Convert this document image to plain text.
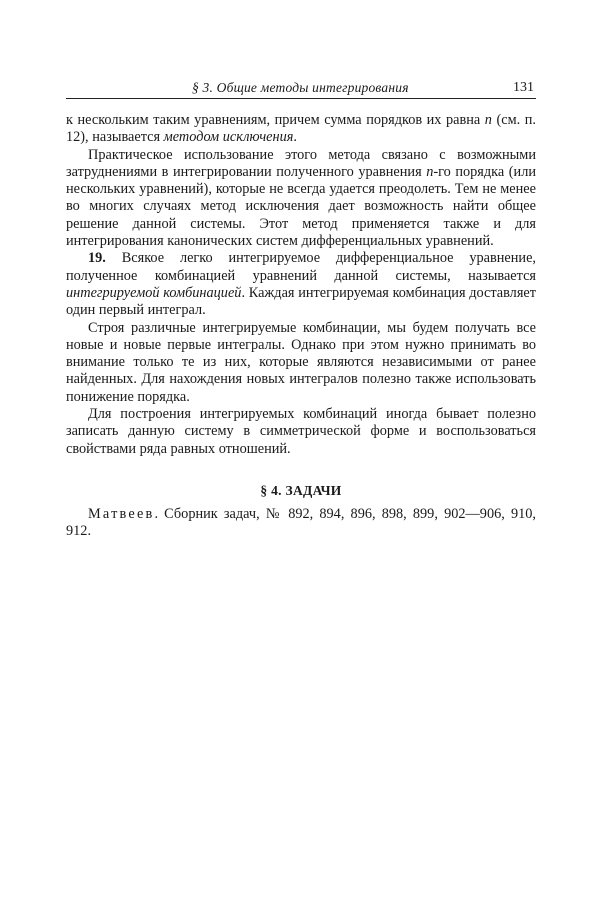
§ 3. Общие методы интегрирования	131

к нескольким таким уравнениям, причем сумма порядков их равна n (см. п. 12), называется методом исключения.

Практическое использование этого метода связано с возможными затруднениями в интегрировании полученного уравнения n-го порядка (или нескольких уравнений), которые не всегда удается преодолеть. Тем не менее во многих случаях метод исключения дает возможность найти общее решение данной системы. Этот метод применяется также и для интегрирования канонических систем дифференциальных уравнений.

19. Всякое легко интегрируемое дифференциальное уравнение, полученное комбинацией уравнений данной системы, называется интегрируемой комбинацией. Каждая интегрируемая комбинация доставляет один первый интеграл.

Строя различные интегрируемые комбинации, мы будем получать все новые и новые первые интегралы. Однако при этом нужно принимать во внимание только те из них, которые являются независимыми от ранее найденных. Для нахождения новых интегралов полезно также использовать понижение порядка.

Для построения интегрируемых комбинаций иногда бывает полезно записать данную систему в симметрической форме и воспользоваться свойствами ряда равных отношений.

§ 4. ЗАДАЧИ

Матвеев. Сборник задач, № 892, 894, 896, 898, 899, 902—906, 910, 912.
